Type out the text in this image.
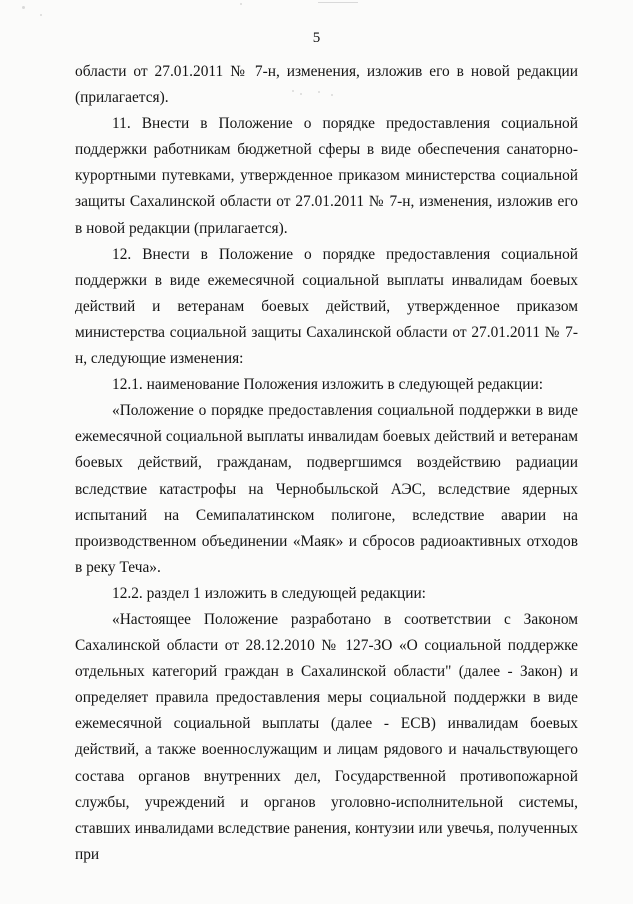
5

области от 27.01.2011 № 7-н, изменения, изложив его в новой редакции (прилагается).

11. Внести в Положение о порядке предоставления социальной поддержки работникам бюджетной сферы в виде обеспечения санаторно-курортными путевками, утвержденное приказом министерства социальной защиты Сахалинской области от 27.01.2011 № 7-н, изменения, изложив его в новой редакции (прилагается).

12. Внести в Положение о порядке предоставления социальной поддержки в виде ежемесячной социальной выплаты инвалидам боевых действий и ветеранам боевых действий, утвержденное приказом министерства социальной защиты Сахалинской области от 27.01.2011 № 7-н, следующие изменения:

12.1. наименование Положения изложить в следующей редакции:

«Положение о порядке предоставления социальной поддержки в виде ежемесячной социальной выплаты инвалидам боевых действий и ветеранам боевых действий, гражданам, подвергшимся воздействию радиации вследствие катастрофы на Чернобыльской АЭС, вследствие ядерных испытаний на Семипалатинском полигоне, вследствие аварии на производственном объединении «Маяк» и сбросов радиоактивных отходов в реку Теча».

12.2. раздел 1 изложить в следующей редакции:

«Настоящее Положение разработано в соответствии с Законом Сахалинской области от 28.12.2010 № 127-ЗО «О социальной поддержке отдельных категорий граждан в Сахалинской области" (далее - Закон) и определяет правила предоставления меры социальной поддержки в виде ежемесячной социальной выплаты (далее - ЕСВ) инвалидам боевых действий, а также военнослужащим и лицам рядового и начальствующего состава органов внутренних дел, Государственной противопожарной службы, учреждений и органов уголовно-исполнительной системы, ставших инвалидами вследствие ранения, контузии или увечья, полученных при
